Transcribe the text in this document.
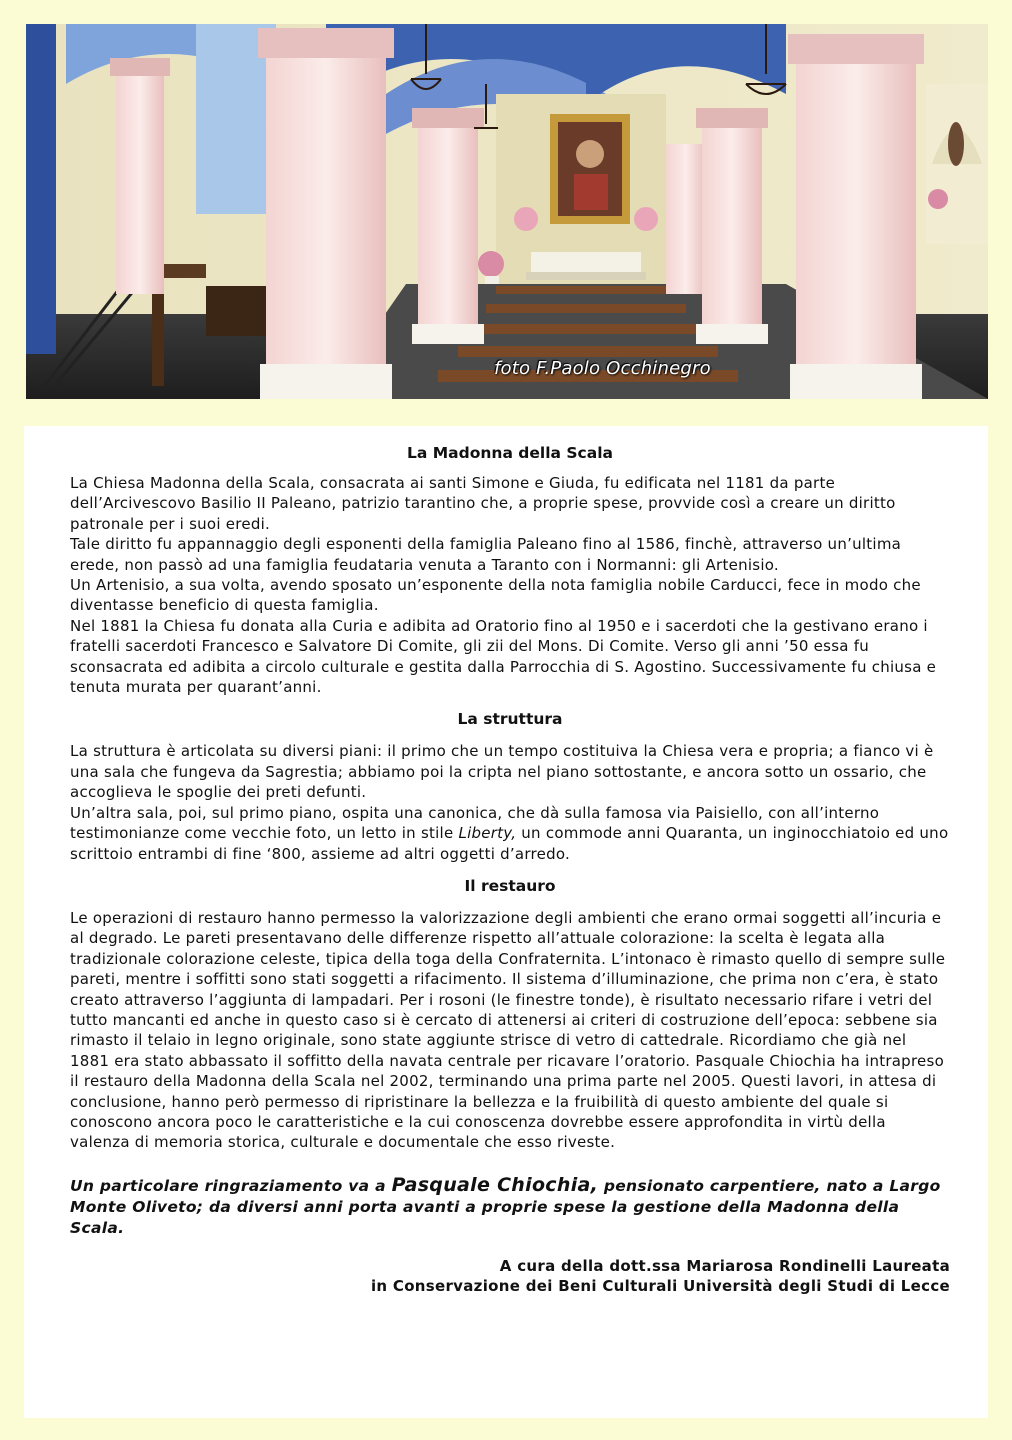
foto F.Paolo Occhinegro
La Madonna della Scala

La Chiesa Madonna della Scala, consacrata ai santi Simone e Giuda, fu edificata nel 1181 da parte dell’Arcivescovo Basilio II Paleano, patrizio tarantino che, a proprie spese, provvide così a creare un diritto patronale per i suoi eredi.

Tale diritto fu appannaggio degli esponenti della famiglia Paleano fino al 1586, finchè, attraverso un’ultima erede, non passò ad una famiglia feudataria venuta a Taranto con i Normanni: gli Artenisio.

Un Artenisio, a sua volta, avendo sposato un’esponente della nota famiglia nobile Carducci, fece in modo che diventasse beneficio di questa famiglia.

Nel 1881 la Chiesa fu donata alla Curia e adibita ad Oratorio fino al 1950 e i sacerdoti che la gestivano erano i fratelli sacerdoti Francesco e Salvatore Di Comite, gli zii del Mons. Di Comite. Verso gli anni ’50 essa fu sconsacrata ed adibita a circolo culturale e gestita dalla Parrocchia di S. Agostino. Successivamente fu chiusa e tenuta murata per quarant’anni.

La struttura

La struttura è articolata su diversi piani: il primo che un tempo costituiva la Chiesa vera e propria; a fianco vi è una sala che fungeva da Sagrestia; abbiamo poi la cripta nel piano sottostante, e ancora sotto un ossario, che accoglieva le spoglie dei preti defunti.

Un’altra sala, poi, sul primo piano, ospita una canonica, che dà sulla famosa via Paisiello, con all’interno testimonianze come vecchie foto, un letto in stile Liberty, un commode anni Quaranta, un inginocchiatoio ed uno scrittoio entrambi di fine ‘800, assieme ad altri oggetti d’arredo.

Il restauro

Le operazioni di restauro hanno permesso la valorizzazione degli ambienti che erano ormai soggetti all’incuria e al degrado. Le pareti presentavano delle differenze rispetto all’attuale colorazione: la scelta è legata alla tradizionale colorazione celeste, tipica della toga della Confraternita. L’intonaco è rimasto quello di sempre sulle pareti, mentre i soffitti sono stati soggetti a rifacimento. Il sistema d’illuminazione, che prima non c’era, è stato creato attraverso l’aggiunta di lampadari. Per i rosoni (le finestre tonde), è risultato necessario rifare i vetri del tutto mancanti ed anche in questo caso si è cercato di attenersi ai criteri di costruzione dell’epoca: sebbene sia rimasto il telaio in legno originale, sono state aggiunte strisce di vetro di cattedrale. Ricordiamo che già nel 1881 era stato abbassato il soffitto della navata centrale per ricavare l’oratorio. Pasquale Chiochia ha intrapreso il restauro della Madonna della Scala nel 2002, terminando una prima parte nel 2005. Questi lavori, in attesa di conclusione, hanno però permesso di ripristinare la bellezza e la fruibilità di questo ambiente del quale si conoscono ancora poco le caratteristiche e la cui conoscenza dovrebbe essere approfondita in virtù della valenza di memoria storica, culturale e documentale che esso riveste.

Un particolare ringraziamento va a Pasquale Chiochia, pensionato carpentiere, nato a Largo Monte Oliveto; da diversi anni porta avanti a proprie spese la gestione della Madonna della Scala.

A cura della dott.ssa Mariarosa Rondinelli Laureata
in Conservazione dei Beni Culturali Università degli Studi di Lecce
